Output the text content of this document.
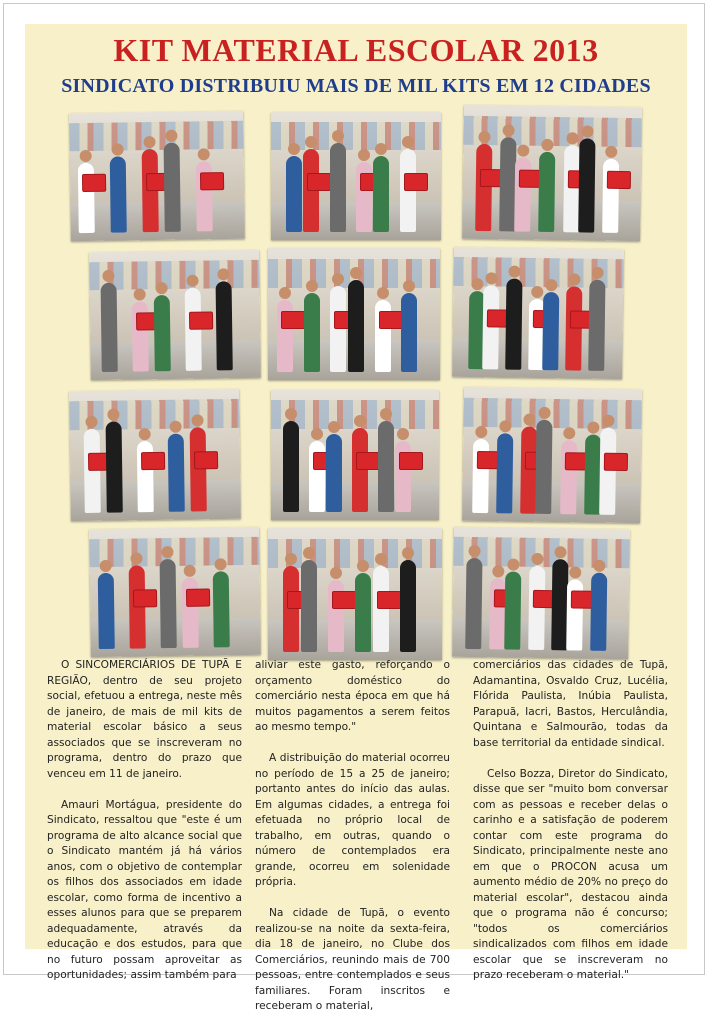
KIT MATERIAL ESCOLAR 2013
SINDICATO DISTRIBUIU MAIS DE MIL KITS EM 12 CIDADES

O SINCOMERCIÁRIOS DE TUPÃ E REGIÃO, dentro de seu projeto social, efetuou a entrega, neste mês de janeiro, de mais de mil kits de material escolar básico a seus associados que se inscreveram no programa, dentro do prazo que venceu em 11 de janeiro.

Amauri Mortágua, presidente do Sindicato, ressaltou que "este é um programa de alto alcance social que o Sindicato mantém já há vários anos, com o objetivo de contemplar os filhos dos associados em idade escolar, como forma de incentivo a esses alunos para que se preparem adequadamente, através da educação e dos estudos, para que no futuro possam aproveitar as oportunidades; assim também para

aliviar este gasto, reforçando o orçamento doméstico do comerciário nesta época em que há muitos pagamentos a serem feitos ao mesmo tempo."

A distribuição do material ocorreu no período de 15 a 25 de janeiro; portanto antes do início das aulas. Em algumas cidades, a entrega foi efetuada no próprio local de trabalho, em outras, quando o número de contemplados era grande, ocorreu em solenidade própria.

Na cidade de Tupã, o evento realizou-se na noite da sexta-feira, dia 18 de janeiro, no Clube dos Comerciários, reunindo mais de 700 pessoas, entre contemplados e seus familiares. Foram inscritos e receberam o material,

comerciários das cidades de Tupã, Adamantina, Osvaldo Cruz, Lucélia, Flórida Paulista, Inúbia Paulista, Parapuã, Iacri, Bastos, Herculândia, Quintana e Salmourão, todas da base territorial da entidade sindical.

Celso Bozza, Diretor do Sindicato, disse que ser "muito bom conversar com as pessoas e receber delas o carinho e a satisfação de poderem contar com este programa do Sindicato, principalmente neste ano em que o PROCON acusa um aumento médio de 20% no preço do material escolar", destacou ainda que o programa não é concurso; "todos os comerciários sindicalizados com filhos em idade escolar que se inscreveram no prazo receberam o material."
